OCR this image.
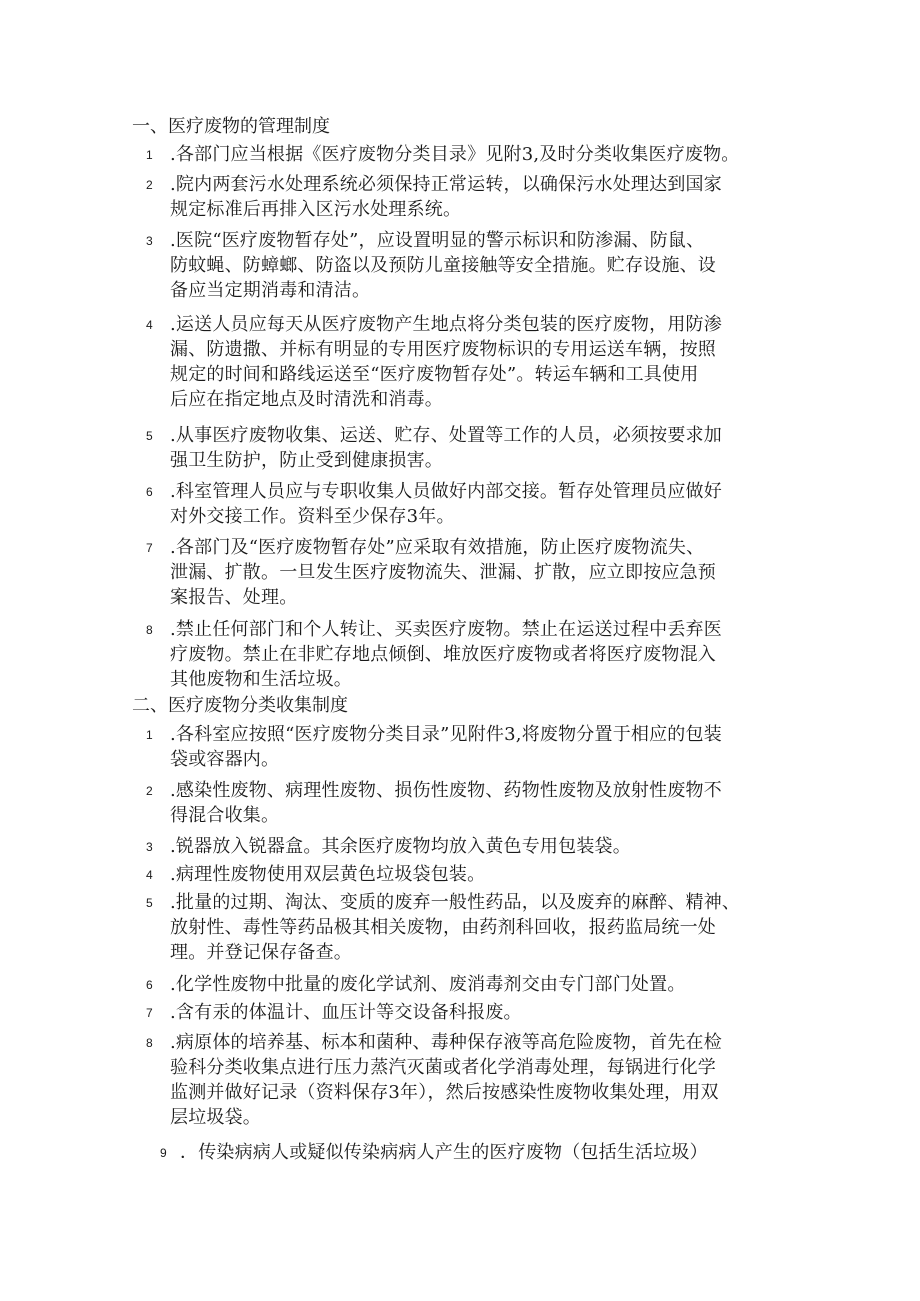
一、医疗废物的管理制度
1 .各部门应当根据《医疗废物分类目录》见附3,及时分类收集医疗废物。
2 .院内两套污水处理系统必须保持正常运转，以确保污水处理达到国家
规定标准后再排入区污水处理系统。
3 .医院“医疗废物暂存处”，应设置明显的警示标识和防渗漏、防鼠、
防蚊蝇、防蟑螂、防盗以及预防儿童接触等安全措施。贮存设施、设
备应当定期消毒和清洁。
4 .运送人员应每天从医疗废物产生地点将分类包装的医疗废物，用防渗
漏、防遗撒、并标有明显的专用医疗废物标识的专用运送车辆，按照
规定的时间和路线运送至“医疗废物暂存处”。转运车辆和工具使用
后应在指定地点及时清洗和消毒。
5 .从事医疗废物收集、运送、贮存、处置等工作的人员，必须按要求加
强卫生防护，防止受到健康损害。
6 .科室管理人员应与专职收集人员做好内部交接。暂存处管理员应做好
对外交接工作。资料至少保存3年。
7 .各部门及“医疗废物暂存处”应采取有效措施，防止医疗废物流失、
泄漏、扩散。一旦发生医疗废物流失、泄漏、扩散，应立即按应急预
案报告、处理。
8 .禁止任何部门和个人转让、买卖医疗废物。禁止在运送过程中丢弃医
疗废物。禁止在非贮存地点倾倒、堆放医疗废物或者将医疗废物混入
其他废物和生活垃圾。
二、医疗废物分类收集制度
1 .各科室应按照“医疗废物分类目录”见附件3,将废物分置于相应的包装
袋或容器内。
2 .感染性废物、病理性废物、损伤性废物、药物性废物及放射性废物不
得混合收集。
3 .锐器放入锐器盒。其余医疗废物均放入黄色专用包装袋。
4 .病理性废物使用双层黄色垃圾袋包装。
5 .批量的过期、淘汰、变质的废弃一般性药品，以及废弃的麻醉、精神、
放射性、毒性等药品极其相关废物，由药剂科回收，报药监局统一处
理。并登记保存备查。
6 .化学性废物中批量的废化学试剂、废消毒剂交由专门部门处置。
7 .含有汞的体温计、血压计等交设备科报废。
8 .病原体的培养基、标本和菌种、毒种保存液等高危险废物，首先在检
验科分类收集点进行压力蒸汽灭菌或者化学消毒处理，每锅进行化学
监测并做好记录（资料保存3年），然后按感染性废物收集处理，用双
层垃圾袋。
9 ．传染病病人或疑似传染病病人产生的医疗废物（包括生活垃圾）
